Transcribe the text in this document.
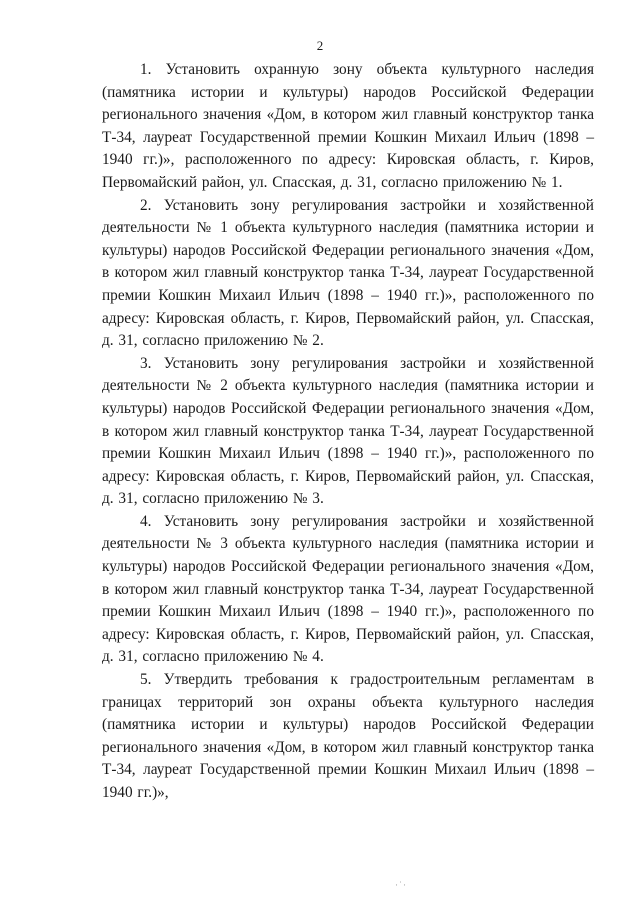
2

1. Установить охранную зону объекта культурного наследия (памятника истории и культуры) народов Российской Федерации регионального значения «Дом, в котором жил главный конструктор танка Т-34, лауреат Государственной премии Кошкин Михаил Ильич (1898 – 1940 гг.)», расположенного по адресу: Кировская область, г. Киров, Первомайский район, ул. Спасская, д. 31, согласно приложению № 1.

2. Установить зону регулирования застройки и хозяйственной деятельности № 1 объекта культурного наследия (памятника истории и культуры) народов Российской Федерации регионального значения «Дом, в котором жил главный конструктор танка Т-34, лауреат Государственной премии Кошкин Михаил Ильич (1898 – 1940 гг.)», расположенного по адресу: Кировская область, г. Киров, Первомайский район, ул. Спасская, д. 31, согласно приложению № 2.

3. Установить зону регулирования застройки и хозяйственной деятельности № 2 объекта культурного наследия (памятника истории и культуры) народов Российской Федерации регионального значения «Дом, в котором жил главный конструктор танка Т-34, лауреат Государственной премии Кошкин Михаил Ильич (1898 – 1940 гг.)», расположенного по адресу: Кировская область, г. Киров, Первомайский район, ул. Спасская, д. 31, согласно приложению № 3.

4. Установить зону регулирования застройки и хозяйственной деятельности № 3 объекта культурного наследия (памятника истории и культуры) народов Российской Федерации регионального значения «Дом, в котором жил главный конструктор танка Т-34, лауреат Государственной премии Кошкин Михаил Ильич (1898 – 1940 гг.)», расположенного по адресу: Кировская область, г. Киров, Первомайский район, ул. Спасская, д. 31, согласно приложению № 4.

5. Утвердить требования к градостроительным регламентам в границах территорий зон охраны объекта культурного наследия (памятника истории и культуры) народов Российской Федерации регионального значения «Дом, в котором жил главный конструктор танка Т-34, лауреат Государственной премии Кошкин Михаил Ильич (1898 – 1940 гг.)»,

·˙·
